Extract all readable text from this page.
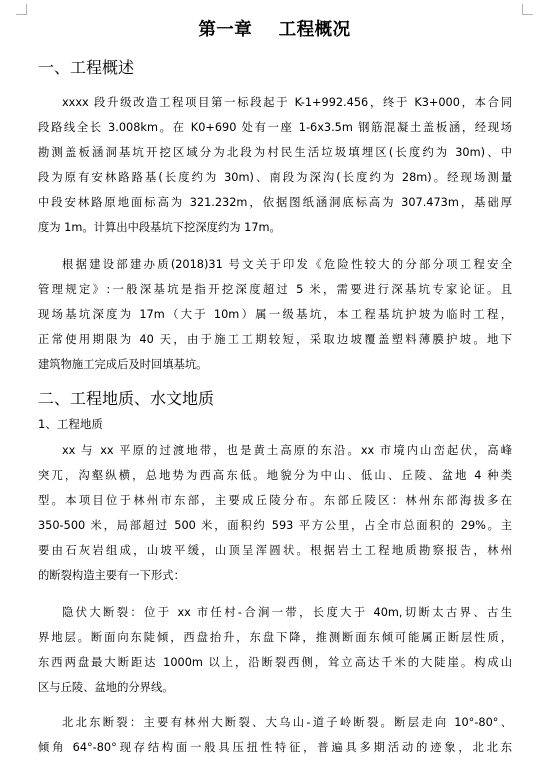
第一章    工程概况
一、工程概述
xxxx 段升级改造工程项目第一标段起于 K-1+992.456，终于 K3+000，本合同
段路线全长 3.008km。在 K0+690 处有一座 1-6x3.5m 钢筋混凝土盖板涵，经现场
勘测盖板涵洞基坑开挖区域分为北段为村民生活垃圾填埋区(长度约为 30m)、中
段为原有安林路路基(长度约为 30m)、南段为深沟(长度约为 28m)。经现场测量
中段安林路原地面标高为 321.232m，依据图纸涵洞底标高为 307.473m，基础厚
度为 1m。计算出中段基坑下挖深度约为 17m。
根据建设部建办质(2018)31 号文关于印发《危险性较大的分部分项工程安全
管理规定》:一般深基坑是指开挖深度超过 5 米，需要进行深基坑专家论证。且
现场基坑深度为 17m（大于 10m）属一级基坑，本工程基坑护坡为临时工程，
正常使用期限为 40 天，由于施工工期较短，采取边坡覆盖塑料薄膜护坡。地下
建筑物施工完成后及时回填基坑。
二、工程地质、水文地质
1、工程地质
xx 与 xx 平原的过渡地带，也是黄土高原的东沿。xx 市境内山峦起伏，高峰
突兀，沟壑纵横，总地势为西高东低。地貌分为中山、低山、丘陵、盆地 4 种类
型。本项目位于林州市东部，主要成丘陵分布。东部丘陵区：林州东部海拔多在
350-500 米，局部超过 500 米，面积约 593 平方公里，占全市总面积的 29%。主
要由石灰岩组成，山坡平缓，山顶呈浑圆状。根据岩土工程地质勘察报告，林州
的断裂构造主要有一下形式：
隐伏大断裂：位于 xx 市任村-合涧一带，长度大于 40m,切断太古界、古生
界地层。断面向东陡倾，西盘抬升，东盘下降，推测断面东倾可能属正断层性质，
东西两盘最大断距达 1000m 以上，沿断裂西侧，耸立高达千米的大陡崖。构成山
区与丘陵、盆地的分界线。
北北东断裂：主要有林州大断裂、大乌山-道子岭断裂。断层走向 10°-80°、
倾角 64°-80°现存结构面一般具压扭性特征，普遍具多期活动的迹象，北北东
